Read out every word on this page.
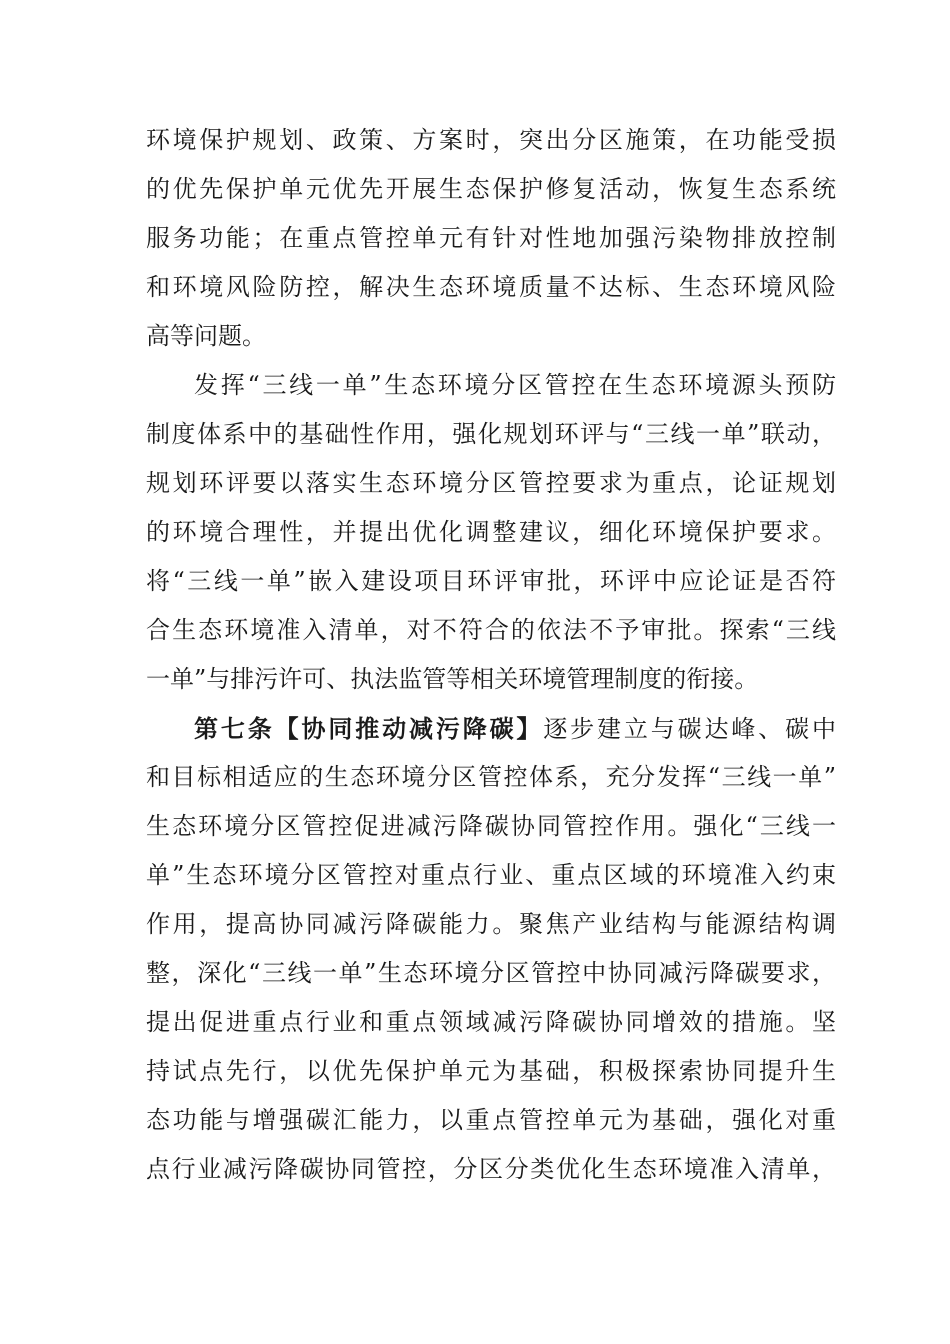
环境保护规划、政策、方案时，突出分区施策，在功能受损
的优先保护单元优先开展生态保护修复活动，恢复生态系统
服务功能；在重点管控单元有针对性地加强污染物排放控制
和环境风险防控，解决生态环境质量不达标、生态环境风险
高等问题。
发挥“三线一单”生态环境分区管控在生态环境源头预防
制度体系中的基础性作用，强化规划环评与“三线一单”联动，
规划环评要以落实生态环境分区管控要求为重点，论证规划
的环境合理性，并提出优化调整建议，细化环境保护要求。
将“三线一单”嵌入建设项目环评审批，环评中应论证是否符
合生态环境准入清单，对不符合的依法不予审批。探索“三线
一单”与排污许可、执法监管等相关环境管理制度的衔接。
第七条【协同推动减污降碳】逐步建立与碳达峰、碳中
和目标相适应的生态环境分区管控体系，充分发挥“三线一单”
生态环境分区管控促进减污降碳协同管控作用。强化“三线一
单”生态环境分区管控对重点行业、重点区域的环境准入约束
作用，提高协同减污降碳能力。聚焦产业结构与能源结构调
整，深化“三线一单”生态环境分区管控中协同减污降碳要求，
提出促进重点行业和重点领域减污降碳协同增效的措施。坚
持试点先行，以优先保护单元为基础，积极探索协同提升生
态功能与增强碳汇能力，以重点管控单元为基础，强化对重
点行业减污降碳协同管控，分区分类优化生态环境准入清单，
